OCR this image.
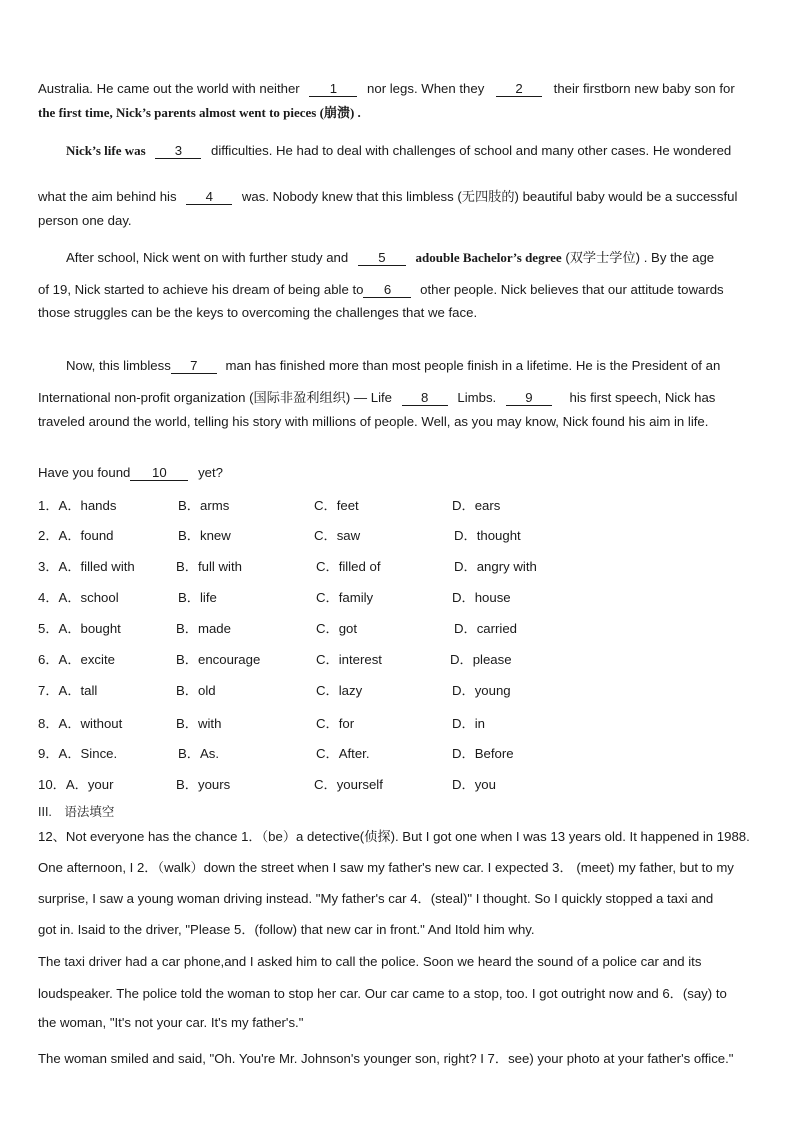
Australia. He came out the world with neither 1 nor legs. When they 2 their firstborn new baby son for
the first time, Nick’s parents almost went to pieces (崩溃) .
Nick’s life was 3 difficulties. He had to deal with challenges of school and many other cases. He wondered
what the aim behind his 4 was. Nobody knew that this limbless (无四肢的) beautiful baby would be a successful
person one day.
After school, Nick went on with further study and 5 adouble Bachelor’s degree (双学士学位) . By the age
of 19, Nick started to achieve his dream of being able to 6 other people. Nick believes that our attitude towards
those struggles can be the keys to overcoming the challenges that we face.
Now, this limbless 7 man has finished more than most people finish in a lifetime. He is the President of an
International non-profit organization (国际非盈利组织) — Life 8 Limbs. 9	his first speech, Nick has
traveled around the world, telling his story with millions of people. Well, as you may know, Nick found his aim in life.
Have you found 10 yet?
1．A．hands	B．arms	C．feet	D．ears
2．A．found	B．knew	C．saw	D．thought
3．A．filled with	B．full with	C．filled of	D．angry with
4．A．school	B．life	C．family	D．house
5．A．bought	B．made	C．got	D．carried
6．A．excite	B．encourage	C．interest	D．please
7．A．tall	B．old	C．lazy	D．young
8．A．without	B．with	C．for	D．in
9．A．Since.	B．As.	C．After.	D．Before
10．A．your	B．yours	C．yourself	D．you
III.　语法填空
12、Not everyone has the chance 1．（be）a detective(侦探). But I got one when I was 13 years old. It happened in 1988.
One afternoon, I 2．（walk）down the street when I saw my father's new car. I expected 3． (meet) my father, but to my
surprise, I saw a young woman driving instead. "My father's car 4．(steal)" I thought. So I quickly stopped a taxi and
got in. Isaid to the driver, "Please 5．(follow) that new car in front." And Itold him why.
The taxi driver had a car phone,and I asked him to call the police. Soon we heard the sound of a police car and its
loudspeaker. The police told the woman to stop her car. Our car came to a stop, too. I got outright now and 6．(say) to
the woman, "It's not your car. It's my father's."
The woman smiled and said, "Oh. You're Mr. Johnson's younger son, right? I 7．see) your photo at your father's office."
